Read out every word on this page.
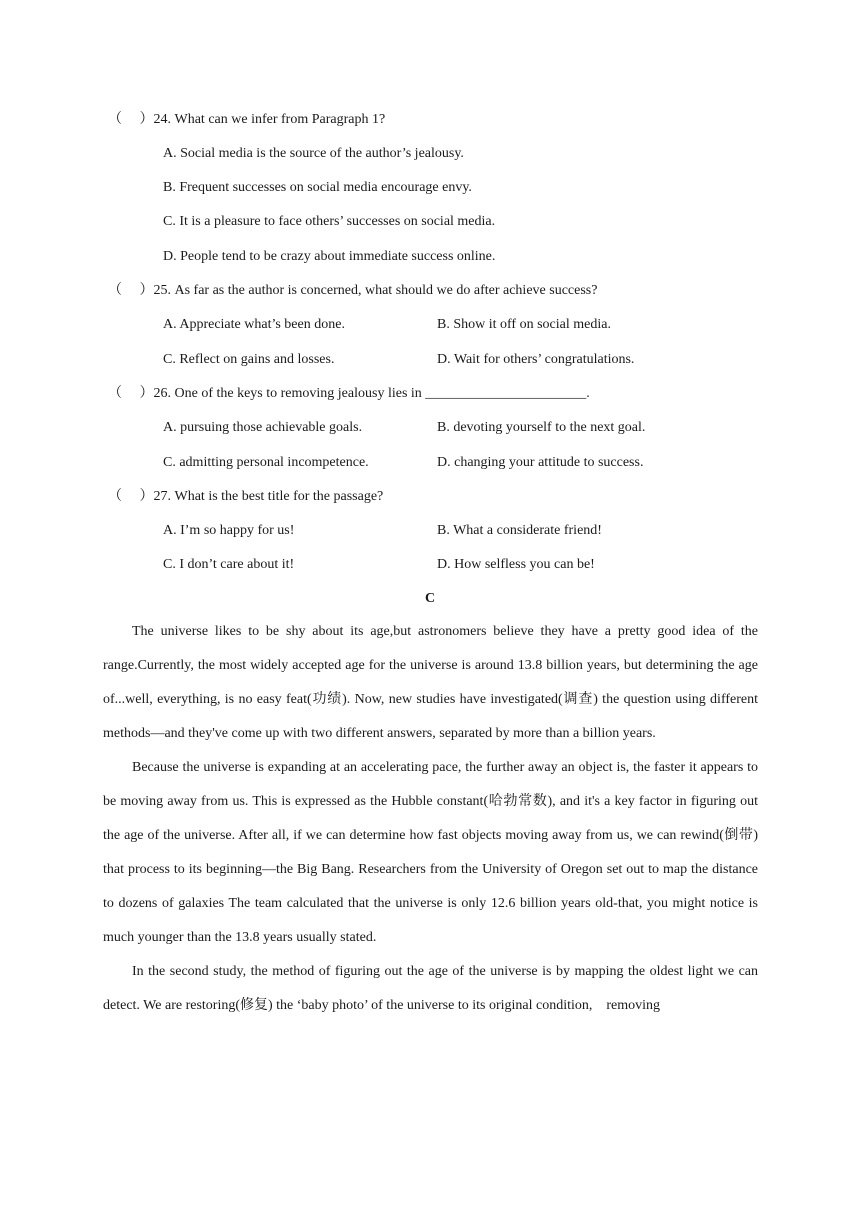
（　 ）24. What can we infer from Paragraph 1?
A. Social media is the source of the author’s jealousy.
B. Frequent successes on social media encourage envy.
C. It is a pleasure to face others’ successes on social media.
D. People tend to be crazy about immediate success online.
（　 ）25. As far as the author is concerned, what should we do after achieve success?
A. Appreciate what’s been done.	B. Show it off on social media.
C. Reflect on gains and losses.	D. Wait for others’ congratulations.
（　 ）26. One of the keys to removing jealousy lies in _______________________.
A. pursuing those achievable goals.	B. devoting yourself to the next goal.
C. admitting personal incompetence.	D. changing your attitude to success.
（　 ）27. What is the best title for the passage?
A. I’m so happy for us!	B. What a considerate friend!
C. I don’t care about it!	D. How selfless you can be!
C

The universe likes to be shy about its age,but astronomers believe they have a pretty good idea of the range.Currently, the most widely accepted age for the universe is around 13.8 billion years, but determining the age of...well, everything, is no easy feat(功绩). Now, new studies have investigated(调查) the question using different methods—and they've come up with two different answers, separated by more than a billion years.

Because the universe is expanding at an accelerating pace, the further away an object is, the faster it appears to be moving away from us. This is expressed as the Hubble constant(哈勃常数), and it's a key factor in figuring out the age of the universe. After all, if we can determine how fast objects moving away from us, we can rewind(倒带) that process to its beginning—the Big Bang. Researchers from the University of Oregon set out to map the distance to dozens of galaxies The team calculated that the universe is only 12.6 billion years old-that, you might notice is much younger than the 13.8 years usually stated.

In the second study, the method of figuring out the age of the universe is by mapping the oldest light we can detect. We are restoring(修复) the ‘baby photo’ of the universe to its original condition,　removing
